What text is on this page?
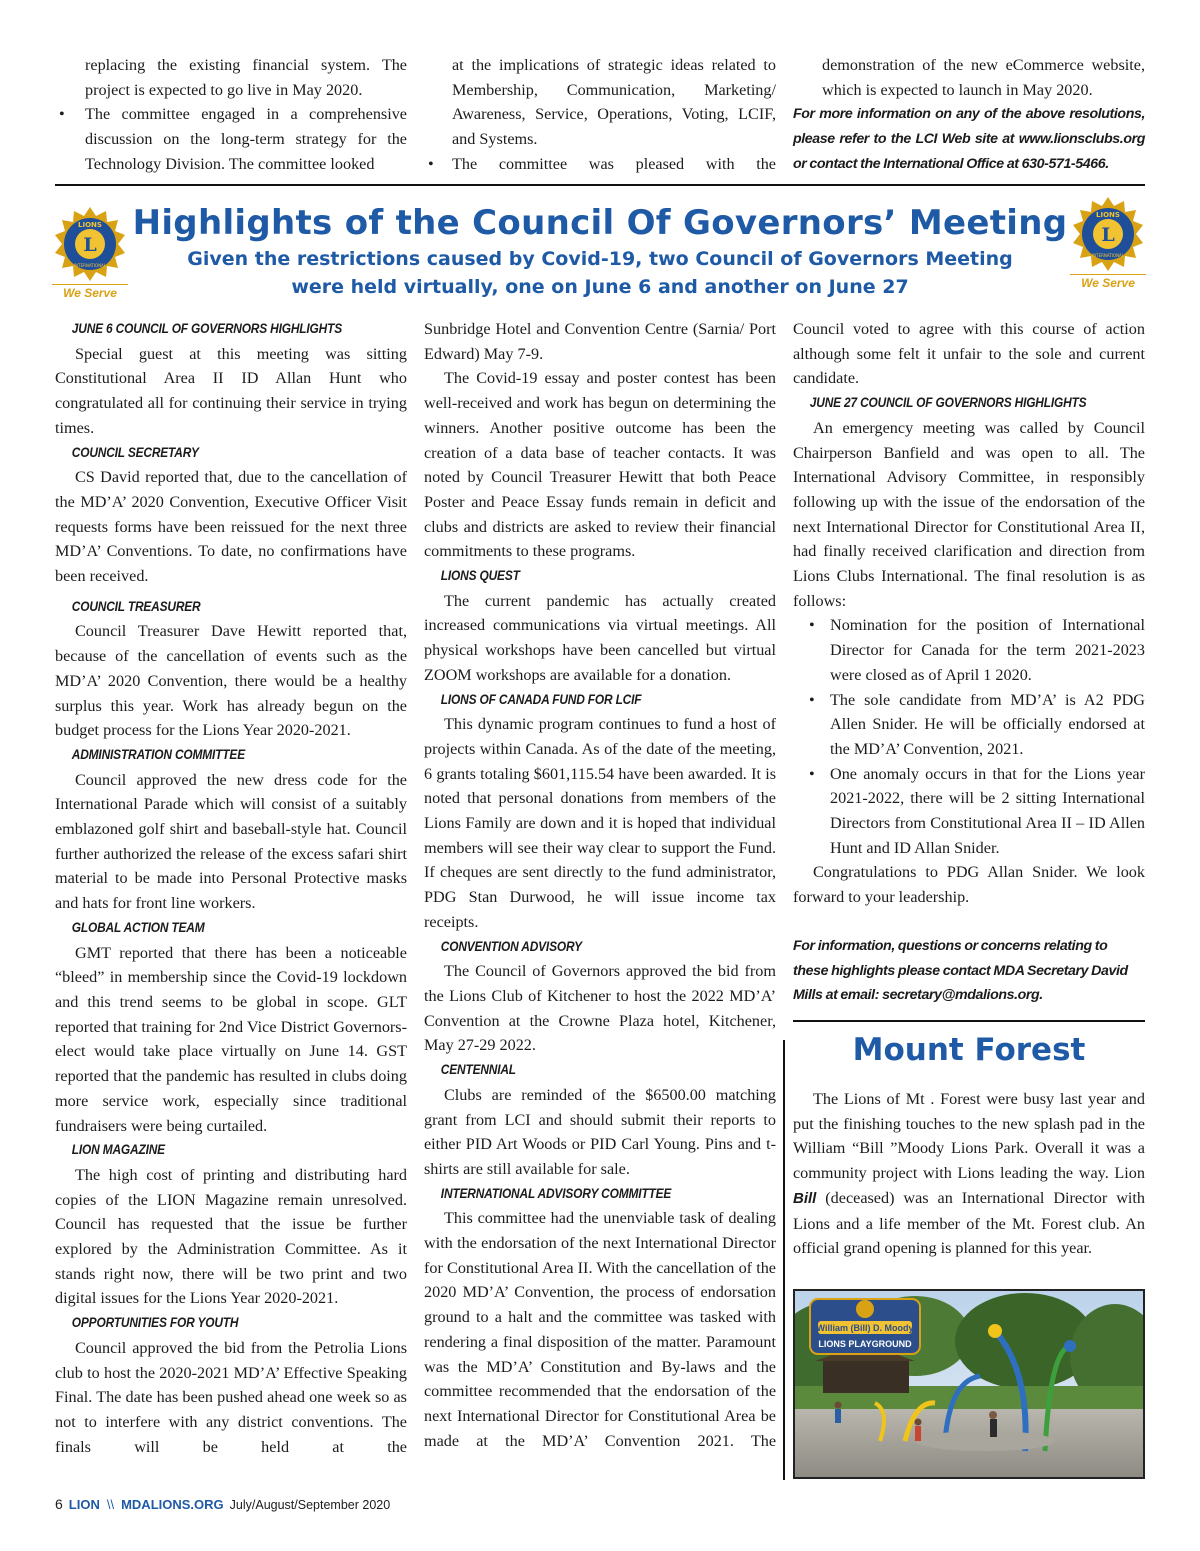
replacing the existing financial system. The project is expected to go live in May 2020.
• The committee engaged in a comprehensive discussion on the long-term strategy for the Technology Division. The committee looked
at the implications of strategic ideas related to Membership, Communication, Marketing/ Awareness, Service, Operations, Voting, LCIF, and Systems.
• The committee was pleased with the
demonstration of the new eCommerce website, which is expected to launch in May 2020.
For more information on any of the above resolutions, please refer to the LCI Web site at www.lionsclubs.org or contact the International Office at 630-571-5466.
L
LIONS
INTERNATIONAL
We Serve
Highlights of the Council Of Governors’ Meeting
Given the restrictions caused by Covid-19, two Council of Governors Meeting
were held virtually, one on June 6 and another on June 27
L
LIONS
INTERNATIONAL
We Serve
JUNE 6 COUNCIL OF GOVERNORS HIGHLIGHTS
Special guest at this meeting was sitting Constitutional Area II ID Allan Hunt who congratulated all for continuing their service in trying times.
COUNCIL SECRETARY
CS David reported that, due to the cancellation of the MD’A’ 2020 Convention, Executive Officer Visit requests forms have been reissued for the next three MD’A’ Conventions. To date, no confirmations have been received.
COUNCIL TREASURER
Council Treasurer Dave Hewitt reported that, because of the cancellation of events such as the MD’A’ 2020 Convention, there would be a healthy surplus this year. Work has already begun on the budget process for the Lions Year 2020-2021.
ADMINISTRATION COMMITTEE
Council approved the new dress code for the International Parade which will consist of a suitably emblazoned golf shirt and baseball-style hat. Council further authorized the release of the excess safari shirt material to be made into Personal Protective masks and hats for front line workers.
GLOBAL ACTION TEAM
GMT reported that there has been a noticeable “bleed” in membership since the Covid-19 lockdown and this trend seems to be global in scope. GLT reported that training for 2nd Vice District Governors-elect would take place virtually on June 14. GST reported that the pandemic has resulted in clubs doing more service work, especially since traditional fundraisers were being curtailed.
LION MAGAZINE
The high cost of printing and distributing hard copies of the LION Magazine remain unresolved. Council has requested that the issue be further explored by the Administration Committee. As it stands right now, there will be two print and two digital issues for the Lions Year 2020-2021.
OPPORTUNITIES FOR YOUTH
Council approved the bid from the Petrolia Lions club to host the 2020-2021 MD’A’ Effective Speaking Final. The date has been pushed ahead one week so as not to interfere with any district conventions. The finals will be held at the
Sunbridge Hotel and Convention Centre (Sarnia/ Port Edward) May 7-9.
The Covid-19 essay and poster contest has been well-received and work has begun on determining the winners. Another positive outcome has been the creation of a data base of teacher contacts. It was noted by Council Treasurer Hewitt that both Peace Poster and Peace Essay funds remain in deficit and clubs and districts are asked to review their financial commitments to these programs.
LIONS QUEST
The current pandemic has actually created increased communications via virtual meetings. All physical workshops have been cancelled but virtual ZOOM workshops are available for a donation.
LIONS OF CANADA FUND FOR LCIF
This dynamic program continues to fund a host of projects within Canada. As of the date of the meeting, 6 grants totaling $601,115.54 have been awarded. It is noted that personal donations from members of the Lions Family are down and it is hoped that individual members will see their way clear to support the Fund. If cheques are sent directly to the fund administrator, PDG Stan Durwood, he will issue income tax receipts.
CONVENTION ADVISORY
The Council of Governors approved the bid from the Lions Club of Kitchener to host the 2022 MD’A’ Convention at the Crowne Plaza hotel, Kitchener, May 27-29 2022.
CENTENNIAL
Clubs are reminded of the $6500.00 matching grant from LCI and should submit their reports to either PID Art Woods or PID Carl Young. Pins and t-shirts are still available for sale.
INTERNATIONAL ADVISORY COMMITTEE
This committee had the unenviable task of dealing with the endorsation of the next International Director for Constitutional Area II. With the cancellation of the 2020 MD’A’ Convention, the process of endorsation ground to a halt and the committee was tasked with rendering a final disposition of the matter. Paramount was the MD’A’ Constitution and By-laws and the committee recommended that the endorsation of the next International Director for Constitutional Area be made at the MD’A’ Convention 2021. The
Council voted to agree with this course of action although some felt it unfair to the sole and current candidate.
JUNE 27 COUNCIL OF GOVERNORS HIGHLIGHTS
An emergency meeting was called by Council Chairperson Banfield and was open to all. The International Advisory Committee, in responsibly following up with the issue of the endorsation of the next International Director for Constitutional Area II, had finally received clarification and direction from Lions Clubs International. The final resolution is as follows:
• Nomination for the position of International Director for Canada for the term 2021-2023 were closed as of April 1 2020.
• The sole candidate from MD’A’ is A2 PDG Allen Snider. He will be officially endorsed at the MD’A’ Convention, 2021.
• One anomaly occurs in that for the Lions year 2021-2022, there will be 2 sitting International Directors from Constitutional Area II – ID Allen Hunt and ID Allan Snider.
Congratulations to PDG Allan Snider. We look forward to your leadership.
For information, questions or concerns relating to these highlights please contact MDA Secretary David Mills at email: secretary@mdalions.org.
Mount Forest
The Lions of Mt . Forest were busy last year and put the finishing touches to the new splash pad in the William “Bill ”Moody Lions Park. Overall it was a community project with Lions leading the way. Lion Bill (deceased) was an International Director with Lions and a life member of the Mt. Forest club. An official grand opening is planned for this year.
William (Bill) D. Moody
LIONS PLAYGROUND
6 LION \\ MDALIONS.ORG July/August/September 2020
